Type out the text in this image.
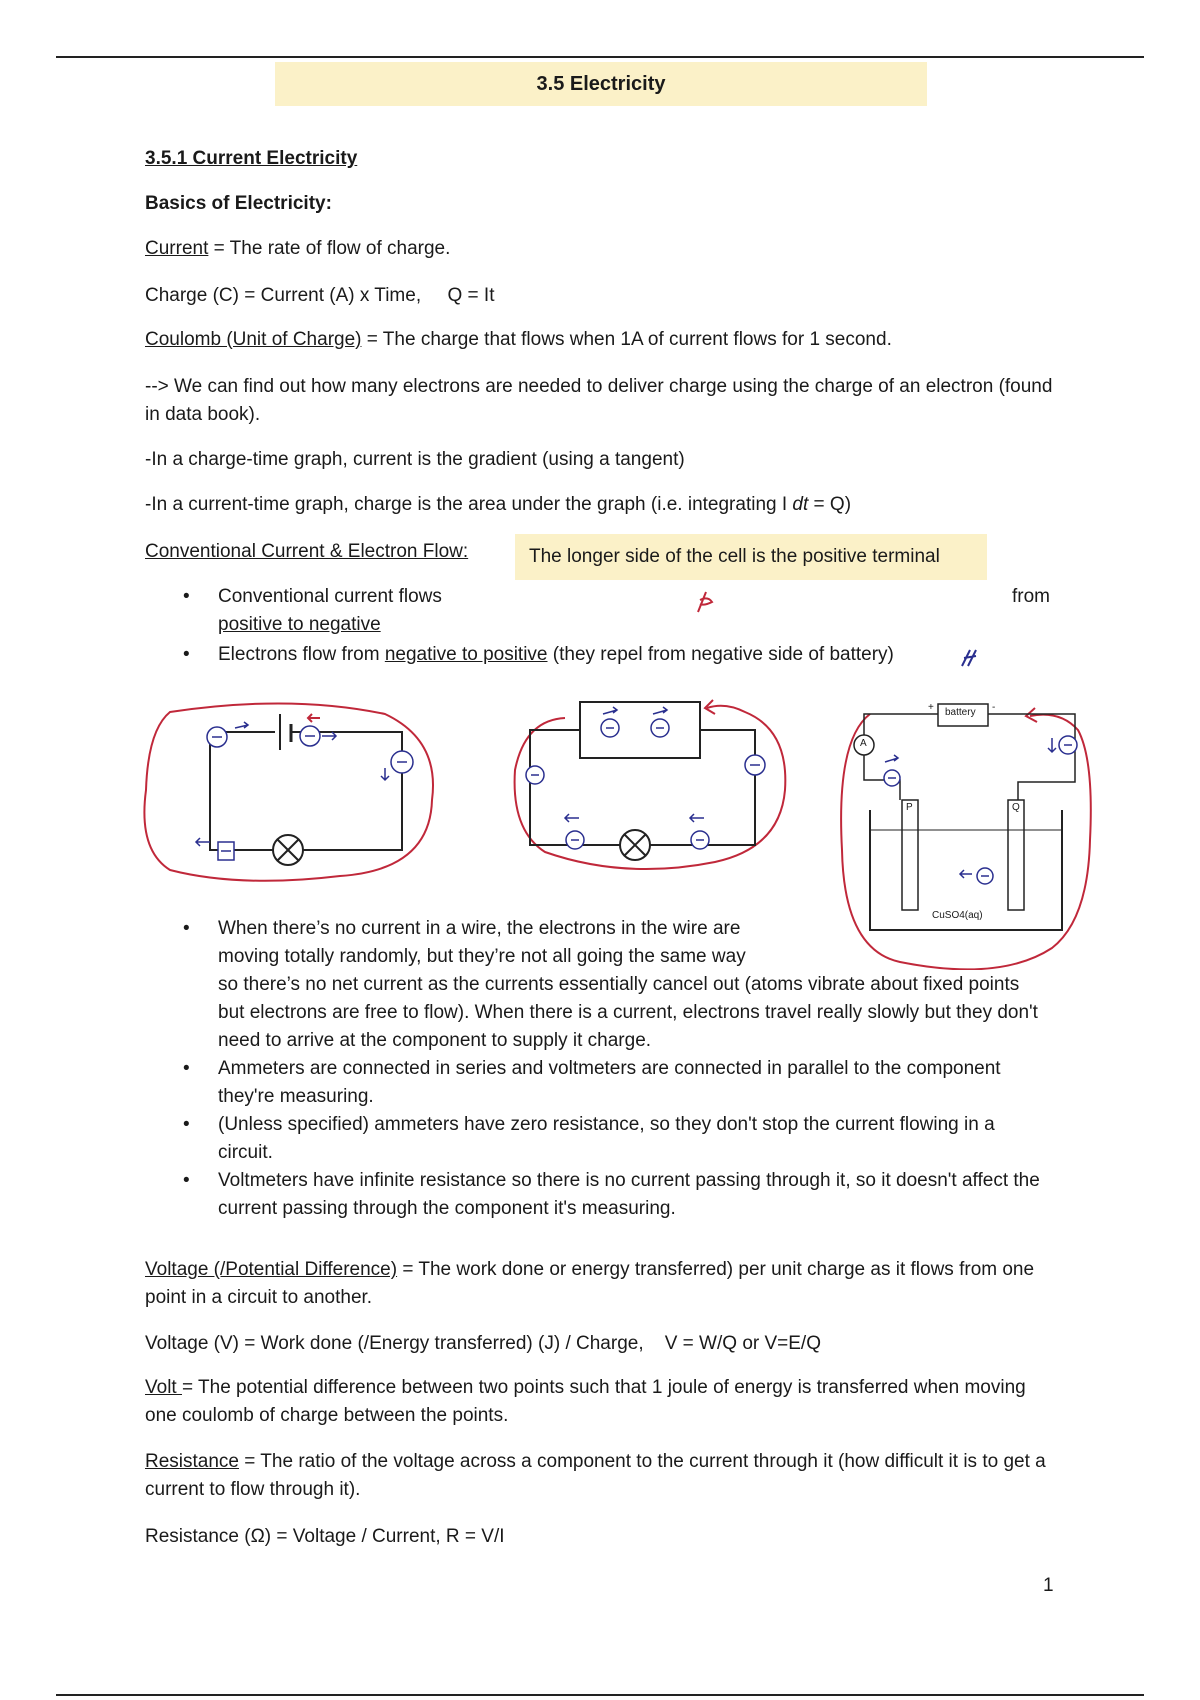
3.5 Electricity
3.5.1 Current Electricity
Basics of Electricity:
Current = The rate of flow of charge.
Charge (C) = Current (A) x Time,     Q = It
Coulomb (Unit of Charge) = The charge that flows when 1A of current flows for 1 second.
--> We can find out how many electrons are needed to deliver charge using the charge of an electron (found in data book).
-In a charge-time graph, current is the gradient (using a tangent)
-In a current-time graph, charge is the area under the graph (i.e. integrating I dt = Q)
Conventional Current & Electron Flow:	The longer side of the cell is the positive terminal
• Conventional current flows	from
positive to negative
• Electrons flow from negative to positive (they repel from negative side of battery)
battery
+	-
A
P	Q
CuSO4(aq)
• When there’s no current in a wire, the electrons in the wire are moving totally randomly, but they’re not all going the same way
so there’s no net current as the currents essentially cancel out (atoms vibrate about fixed points but electrons are free to flow). When there is a current, electrons travel really slowly but they don't need to arrive at the component to supply it charge.
• Ammeters are connected in series and voltmeters are connected in parallel to the component they're measuring.
• (Unless specified) ammeters have zero resistance, so they don't stop the current flowing in a circuit.
• Voltmeters have infinite resistance so there is no current passing through it, so it doesn't affect the current passing through the component it's measuring.
Voltage (/Potential Difference) = The work done or energy transferred) per unit charge as it flows from one point in a circuit to another.
Voltage (V) = Work done (/Energy transferred) (J) / Charge,    V = W/Q or V=E/Q
Volt = The potential difference between two points such that 1 joule of energy is transferred when moving one coulomb of charge between the points.
Resistance = The ratio of the voltage across a component to the current through it (how difficult it is to get a current to flow through it).
Resistance (Ω) = Voltage / Current, R = V/I
1
